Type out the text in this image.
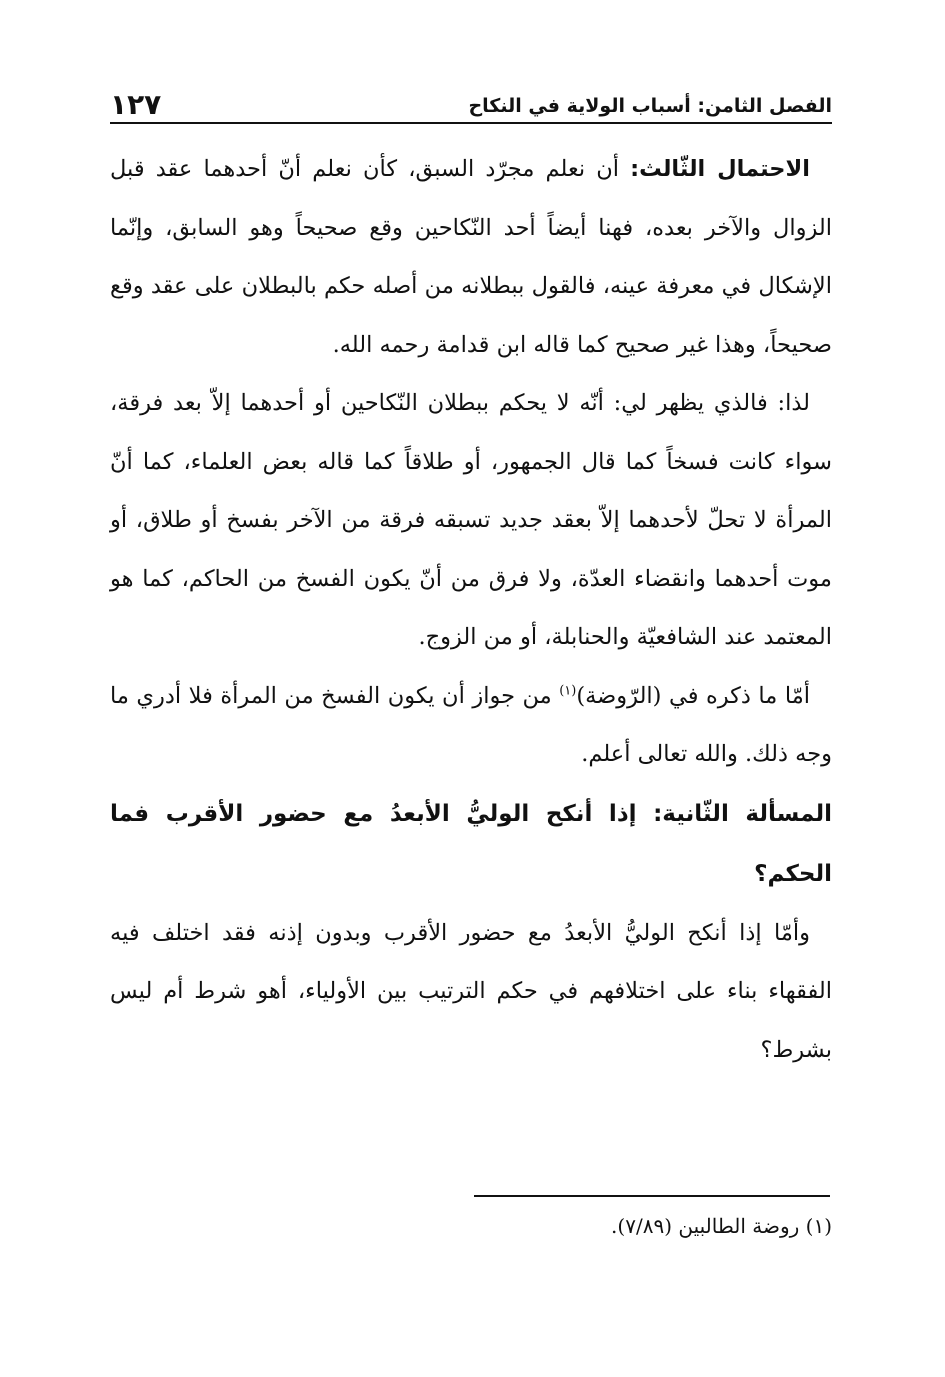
الفصل الثامن: أسباب الولاية في النكاح
١٢٧

الاحتمال الثّالث: أن نعلم مجرّد السبق، كأن نعلم أنّ أحدهما عقد قبل الزوال والآخر بعده، فهنا أيضاً أحد النّكاحين وقع صحيحاً وهو السابق، وإنّما الإشكال في معرفة عينه، فالقول ببطلانه من أصله حكم بالبطلان على عقد وقع صحيحاً، وهذا غير صحيح كما قاله ابن قدامة رحمه الله.

لذا: فالذي يظهر لي: أنّه لا يحكم ببطلان النّكاحين أو أحدهما إلاّ بعد فرقة، سواء كانت فسخاً كما قال الجمهور، أو طلاقاً كما قاله بعض العلماء، كما أنّ المرأة لا تحلّ لأحدهما إلاّ بعقد جديد تسبقه فرقة من الآخر بفسخ أو طلاق، أو موت أحدهما وانقضاء العدّة، ولا فرق من أنّ يكون الفسخ من الحاكم، كما هو المعتمد عند الشافعيّة والحنابلة، أو من الزوج.

أمّا ما ذكره في (الرّوضة)$^{(١)}$ من جواز أن يكون الفسخ من المرأة فلا أدري ما وجه ذلك. والله تعالى أعلم.

المسألة الثّانية: إذا أنكح الوليُّ الأبعدُ مع حضور الأقرب فما الحكم؟

وأمّا إذا أنكح الوليُّ الأبعدُ مع حضور الأقرب وبدون إذنه فقد اختلف فيه الفقهاء بناء على اختلافهم في حكم الترتيب بين الأولياء، أهو شرط أم ليس بشرط؟

(١) روضة الطالبين (٧/٨٩).
